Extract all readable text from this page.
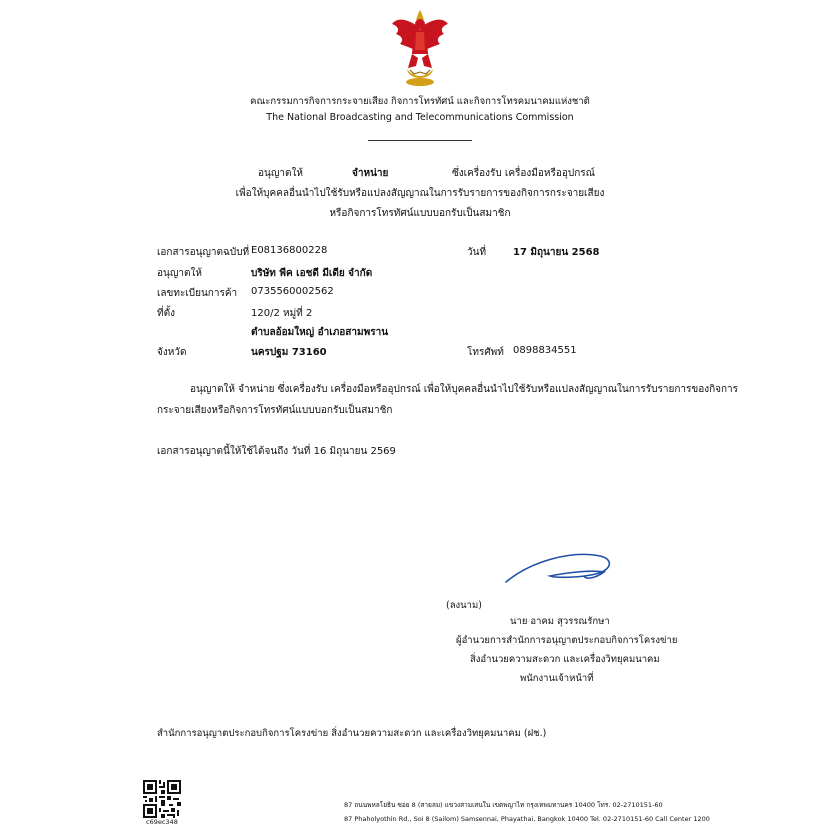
คณะกรรมการกิจการกระจายเสียง กิจการโทรทัศน์ และกิจการโทรคมนาคมแห่งชาติ
The National Broadcasting and Telecommunications Commission
อนุญาตให้	จำหน่าย	ซึ่งเครื่องรับ เครื่องมือหรืออุปกรณ์
เพื่อให้บุคคลอื่นนำไปใช้รับหรือแปลงสัญญาณในการรับรายการของกิจการกระจายเสียง
หรือกิจการโทรทัศน์แบบบอกรับเป็นสมาชิก
เอกสารอนุญาตฉบับที่ E08136800228	วันที่	17 มิถุนายน 2568
อนุญาตให้	บริษัท พีค เอชดี มีเดีย จำกัด
เลขทะเบียนการค้า 0735560002562
ที่ตั้ง	120/2 หมู่ที่ 2
ตำบลอ้อมใหญ่ อำเภอสามพราน
จังหวัด	นครปฐม 73160	โทรศัพท์ 0898834551
อนุญาตให้ จำหน่าย ซึ่งเครื่องรับ เครื่องมือหรืออุปกรณ์ เพื่อให้บุคคลอื่นนำไปใช้รับหรือแปลงสัญญาณในการรับรายการของกิจการ
กระจายเสียงหรือกิจการโทรทัศน์แบบบอกรับเป็นสมาชิก
เอกสารอนุญาตนี้ให้ใช้ได้จนถึง วันที่ 16 มิถุนายน 2569
(ลงนาม)
นาย อาคม สุวรรณรักษา
ผู้อำนวยการสำนักการอนุญาตประกอบกิจการโครงข่าย
สิ่งอำนวยความสะดวก และเครื่องวิทยุคมนาคม
พนักงานเจ้าหน้าที่
สำนักการอนุญาตประกอบกิจการโครงข่าย สิ่งอำนวยความสะดวก และเครื่องวิทยุคมนาคม (ฝช.)
c69ec348
87 ถนนพหลโยธิน ซอย 8 (สายลม) แขวงสามเสนใน เขตพญาไท กรุงเทพมหานคร 10400 โทร. 02-2710151-60
87 Phaholyothin Rd., Soi 8 (Sailom) Samsennai, Phayathai, Bangkok 10400 Tel. 02-2710151-60 Call Center 1200
